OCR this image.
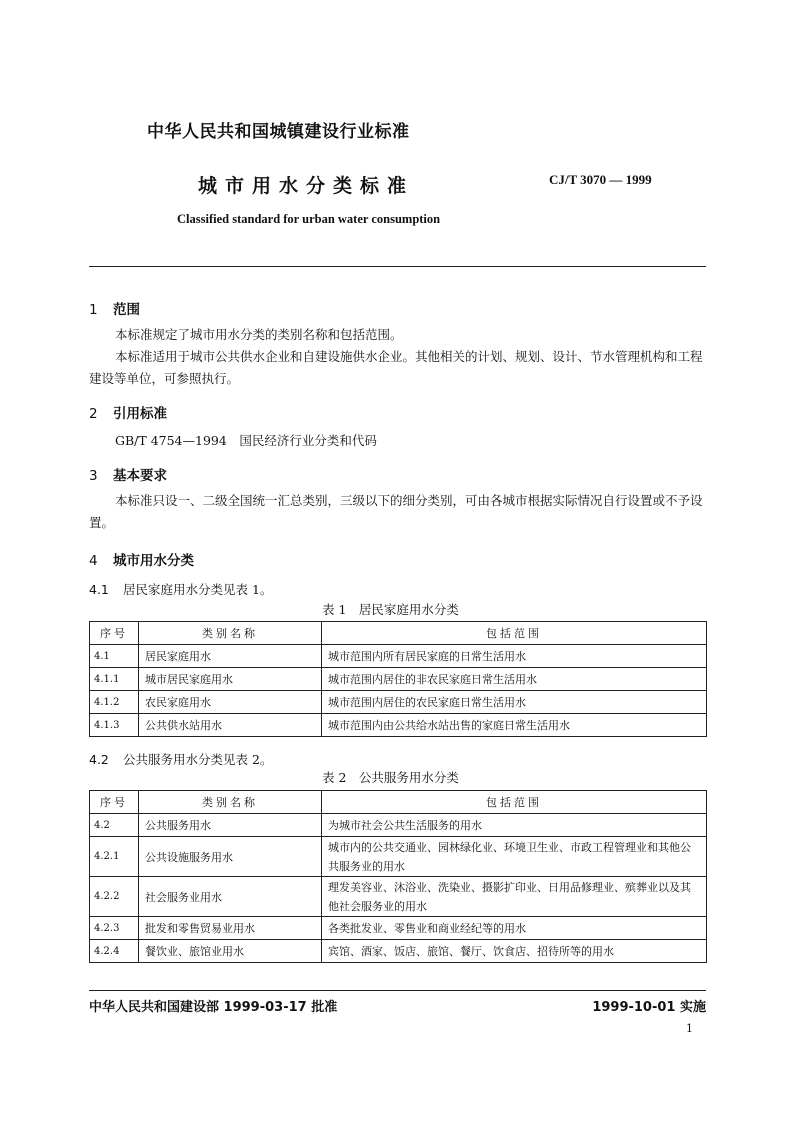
中华人民共和国城镇建设行业标准
城市用水分类标准	CJ/T 3070 — 1999
Classified standard for urban water consumption
1 范围
本标准规定了城市用水分类的类别名称和包括范围。
本标准适用于城市公共供水企业和自建设施供水企业。其他相关的计划、规划、设计、节水管理机构和工程建设等单位，可参照执行。
2 引用标准
GB/T 4754—1994　国民经济行业分类和代码
3 基本要求
本标准只设一、二级全国统一汇总类别，三级以下的细分类别，可由各城市根据实际情况自行设置或不予设置。
4 城市用水分类
4.1 居民家庭用水分类见表 1。
表 1　居民家庭用水分类
序号	类别名称	包括范围
4.1	居民家庭用水	城市范围内所有居民家庭的日常生活用水
4.1.1	城市居民家庭用水	城市范围内居住的非农民家庭日常生活用水
4.1.2	农民家庭用水	城市范围内居住的农民家庭日常生活用水
4.1.3	公共供水站用水	城市范围内由公共给水站出售的家庭日常生活用水
4.2 公共服务用水分类见表 2。
表 2　公共服务用水分类
序号	类别名称	包括范围
4.2	公共服务用水	为城市社会公共生活服务的用水
4.2.1	公共设施服务用水	城市内的公共交通业、园林绿化业、环境卫生业、市政工程管理业和其他公共服务业的用水
4.2.2	社会服务业用水	理发美容业、沐浴业、洗染业、摄影扩印业、日用品修理业、殡葬业以及其他社会服务业的用水
4.2.3	批发和零售贸易业用水	各类批发业、零售业和商业经纪等的用水
4.2.4	餐饮业、旅馆业用水	宾馆、酒家、饭店、旅馆、餐厅、饮食店、招待所等的用水
中华人民共和国建设部 1999-03-17 批准	1999-10-01 实施
1
